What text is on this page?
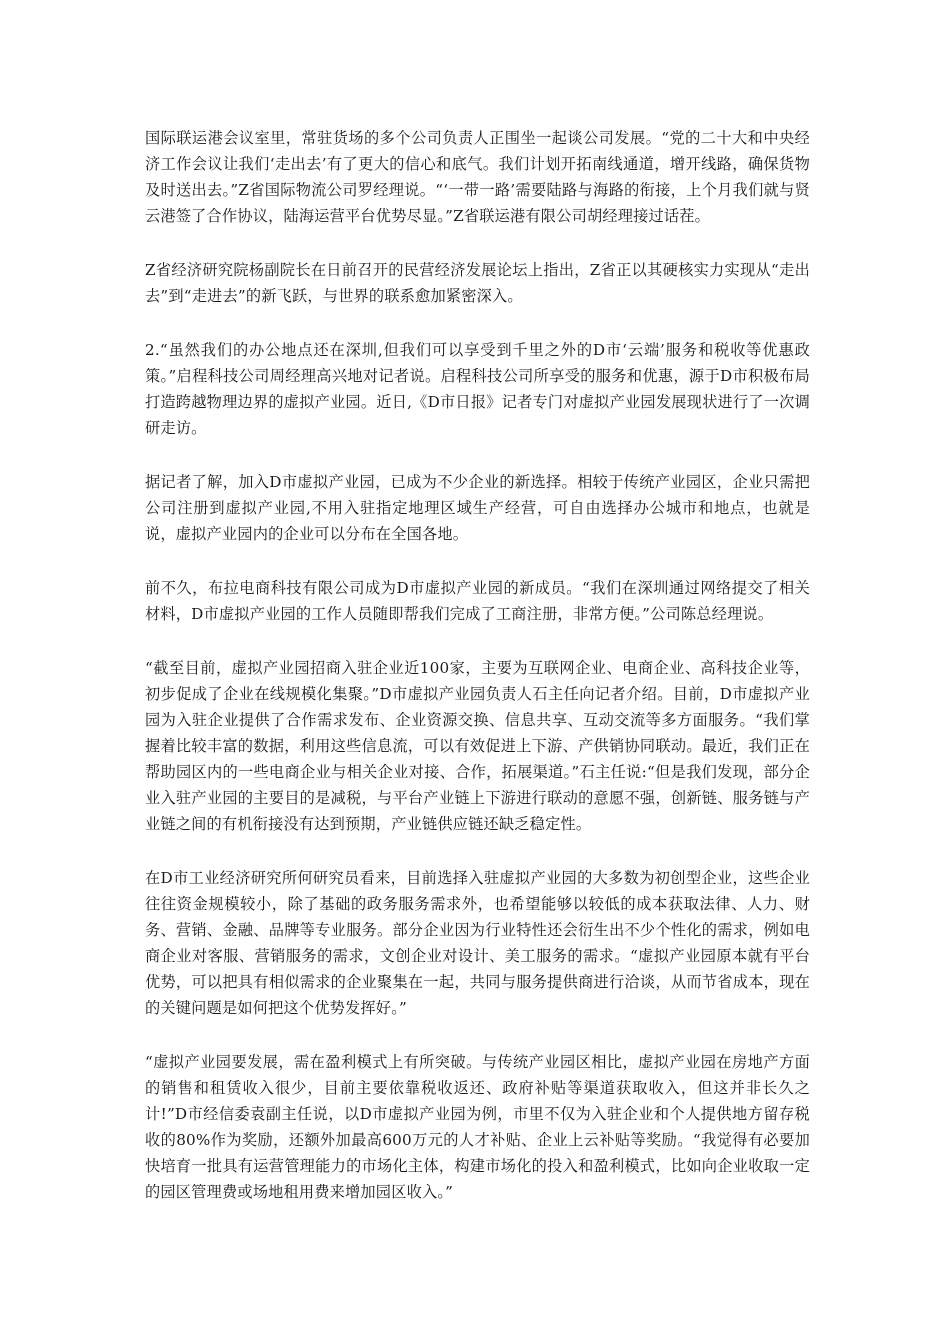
国际联运港会议室里，常驻货场的多个公司负责人正围坐一起谈公司发展。“党的二十大和中央经济工作会议让我们‘走出去’有了更大的信心和底气。我们计划开拓南线通道，增开线路，确保货物及时送出去。”Z省国际物流公司罗经理说。“‘一带一路’需要陆路与海路的衔接，上个月我们就与贤云港签了合作协议，陆海运营平台优势尽显。”Z省联运港有限公司胡经理接过话茬。

Z省经济研究院杨副院长在日前召开的民营经济发展论坛上指出，Z省正以其硬核实力实现从“走出去”到“走进去”的新飞跃，与世界的联系愈加紧密深入。

2.“虽然我们的办公地点还在深圳,但我们可以享受到千里之外的D市‘云端’服务和税收等优惠政策。”启程科技公司周经理高兴地对记者说。启程科技公司所享受的服务和优惠，源于D市积极布局打造跨越物理边界的虚拟产业园。近日,《D市日报》记者专门对虚拟产业园发展现状进行了一次调研走访。

据记者了解，加入D市虚拟产业园，已成为不少企业的新选择。相较于传统产业园区，企业只需把公司注册到虚拟产业园,不用入驻指定地理区域生产经营，可自由选择办公城市和地点，也就是说，虚拟产业园内的企业可以分布在全国各地。

前不久，布拉电商科技有限公司成为D市虚拟产业园的新成员。“我们在深圳通过网络提交了相关材料，D市虚拟产业园的工作人员随即帮我们完成了工商注册，非常方便。”公司陈总经理说。

“截至目前，虚拟产业园招商入驻企业近100家，主要为互联网企业、电商企业、高科技企业等，初步促成了企业在线规模化集聚。”D市虚拟产业园负责人石主任向记者介绍。目前，D市虚拟产业园为入驻企业提供了合作需求发布、企业资源交换、信息共享、互动交流等多方面服务。“我们掌握着比较丰富的数据，利用这些信息流，可以有效促进上下游、产供销协同联动。最近，我们正在帮助园区内的一些电商企业与相关企业对接、合作，拓展渠道。”石主任说:“但是我们发现，部分企业入驻产业园的主要目的是减税，与平台产业链上下游进行联动的意愿不强，创新链、服务链与产业链之间的有机衔接没有达到预期，产业链供应链还缺乏稳定性。

在D市工业经济研究所何研究员看来，目前选择入驻虚拟产业园的大多数为初创型企业，这些企业往往资金规模较小，除了基础的政务服务需求外，也希望能够以较低的成本获取法律、人力、财务、营销、金融、品牌等专业服务。部分企业因为行业特性还会衍生出不少个性化的需求，例如电商企业对客服、营销服务的需求，文创企业对设计、美工服务的需求。“虚拟产业园原本就有平台优势，可以把具有相似需求的企业聚集在一起，共同与服务提供商进行洽谈，从而节省成本，现在的关键问题是如何把这个优势发挥好。”

“虚拟产业园要发展，需在盈利模式上有所突破。与传统产业园区相比，虚拟产业园在房地产方面的销售和租赁收入很少，目前主要依靠税收返还、政府补贴等渠道获取收入，但这并非长久之计!”D市经信委袁副主任说，以D市虚拟产业园为例，市里不仅为入驻企业和个人提供地方留存税收的80%作为奖励，还额外加最高600万元的人才补贴、企业上云补贴等奖励。“我觉得有必要加快培育一批具有运营管理能力的市场化主体，构建市场化的投入和盈利模式，比如向企业收取一定的园区管理费或场地租用费来增加园区收入。”
